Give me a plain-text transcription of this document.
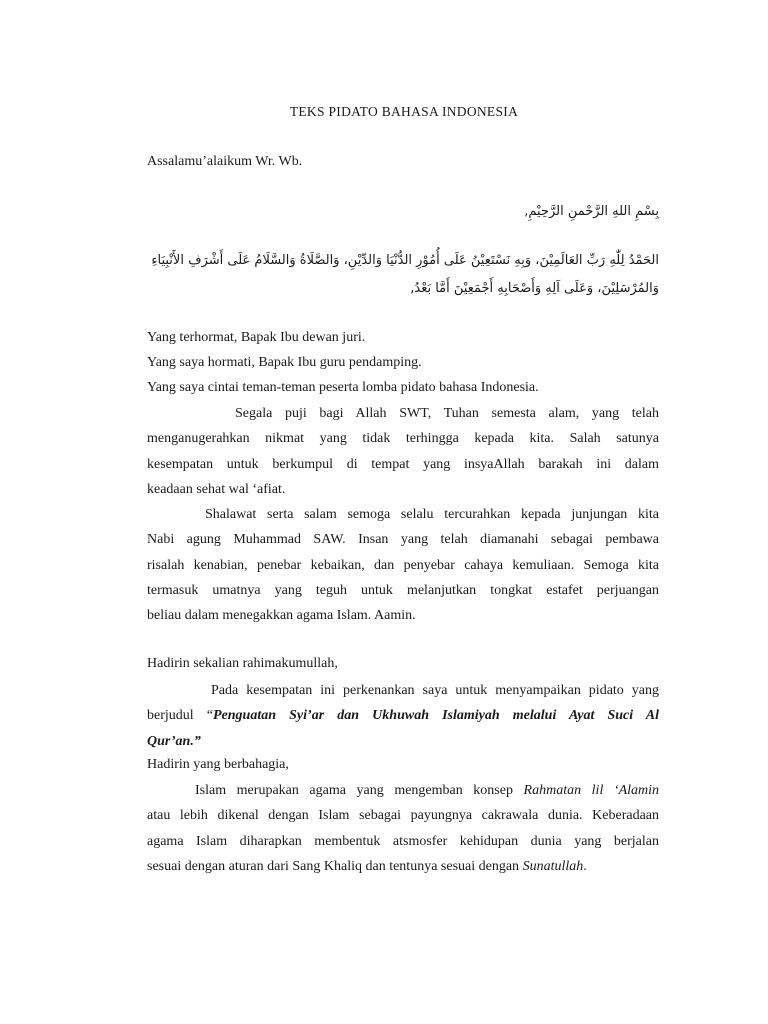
TEKS PIDATO BAHASA INDONESIA
Assalamu’alaikum Wr. Wb.
بِسْمِ اللهِ الرَّحْمنِ الرَّحِيْمِ,
الحَمْدُ لِلّٰهِ رَبِّ العَالَمِيْنَ، وَبِهِ نَسْتَعِيْنُ عَلَى أُمُوْرِ الدُّنْيَا وَالدِّيْنِ، وَالصَّلَاةُ وَالسَّلَامُ عَلَى أَشْرَفِ الأَنْبِيَاءِ
وَالمُرْسَلِيْنَ، وَعَلَى آلِهِ وَأَصْحَابِهِ أَجْمَعِيْنَ أَمَّا بَعْدُ,
Yang terhormat, Bapak Ibu dewan juri.
Yang saya hormati, Bapak Ibu guru pendamping.
Yang saya cintai teman-teman peserta lomba pidato bahasa Indonesia.
Segala puji bagi Allah SWT, Tuhan semesta alam, yang telah
menganugerahkan nikmat yang tidak terhingga kepada kita. Salah satunya
kesempatan untuk berkumpul di tempat yang insyaAllah barakah ini dalam
keadaan sehat wal ‘afiat.
Shalawat serta salam semoga selalu tercurahkan kepada junjungan kita
Nabi agung Muhammad SAW. Insan yang telah diamanahi sebagai pembawa
risalah kenabian, penebar kebaikan, dan penyebar cahaya kemuliaan. Semoga kita
termasuk umatnya yang teguh untuk melanjutkan tongkat estafet perjuangan
beliau dalam menegakkan agama Islam. Aamin.
Hadirin sekalian rahimakumullah,
Pada kesempatan ini perkenankan saya untuk menyampaikan pidato yang
berjudul “Penguatan Syi’ar dan Ukhuwah Islamiyah melalui Ayat Suci Al
Qur’an.”
Hadirin yang berbahagia,
Islam merupakan agama yang mengemban konsep Rahmatan lil ‘Alamin
atau lebih dikenal dengan Islam sebagai payungnya cakrawala dunia. Keberadaan
agama Islam diharapkan membentuk atsmosfer kehidupan dunia yang berjalan
sesuai dengan aturan dari Sang Khaliq dan tentunya sesuai dengan Sunatullah.
